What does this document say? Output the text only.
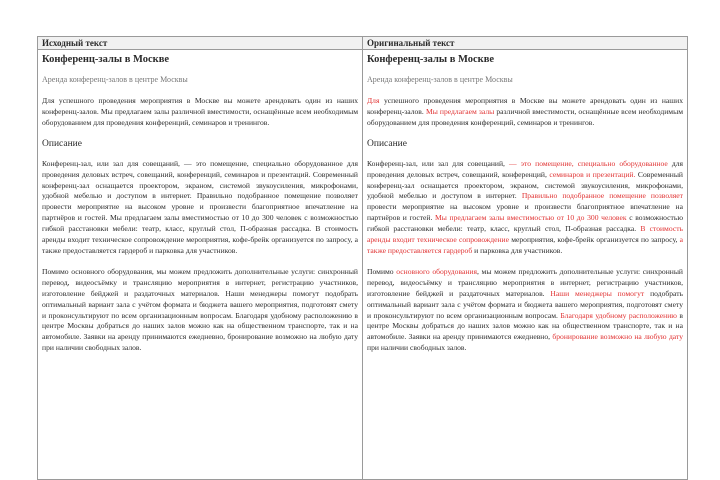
Исходный текст
Конференц-залы в Москве
Аренда конференц-залов в центре Москвы

Для успешного проведения мероприятия в Москве вы можете арендовать один из наших конференц-залов. Мы предлагаем залы различной вместимости, оснащённые всем необходимым оборудованием для проведения конференций, семинаров и тренингов.

Описание

Конференц-зал, или зал для совещаний, — это помещение, специально оборудованное для проведения деловых встреч, совещаний, конференций, семинаров и презентаций. Современный конференц-зал оснащается проектором, экраном, системой звукоусиления, микрофонами, удобной мебелью и доступом в интернет. Правильно подобранное помещение позволяет провести мероприятие на высоком уровне и произвести благоприятное впечатление на партнёров и гостей. Мы предлагаем залы вместимостью от 10 до 300 человек с возможностью гибкой расстановки мебели: театр, класс, круглый стол, П-образная рассадка. В стоимость аренды входит техническое сопровождение мероприятия, кофе-брейк организуется по запросу, а также предоставляется гардероб и парковка для участников.

Помимо основного оборудования, мы можем предложить дополнительные услуги: синхронный перевод, видеосъёмку и трансляцию мероприятия в интернет, регистрацию участников, изготовление бейджей и раздаточных материалов. Наши менеджеры помогут подобрать оптимальный вариант зала с учётом формата и бюджета вашего мероприятия, подготовят смету и проконсультируют по всем организационным вопросам. Благодаря удобному расположению в центре Москвы добраться до наших залов можно как на общественном транспорте, так и на автомобиле. Заявки на аренду принимаются ежедневно, бронирование возможно на любую дату при наличии свободных залов.

Оригинальный текст
Конференц-залы в Москве
Аренда конференц-залов в центре Москвы

Для успешного проведения мероприятия в Москве вы можете арендовать один из наших конференц-залов. Мы предлагаем залы различной вместимости, оснащённые всем необходимым оборудованием для проведения конференций, семинаров и тренингов.

Описание

Конференц-зал, или зал для совещаний, — это помещение, специально оборудованное для проведения деловых встреч, совещаний, конференций, семинаров и презентаций. Современный конференц-зал оснащается проектором, экраном, системой звукоусиления, микрофонами, удобной мебелью и доступом в интернет. Правильно подобранное помещение позволяет провести мероприятие на высоком уровне и произвести благоприятное впечатление на партнёров и гостей. Мы предлагаем залы вместимостью от 10 до 300 человек с возможностью гибкой расстановки мебели: театр, класс, круглый стол, П-образная рассадка. В стоимость аренды входит техническое сопровождение мероприятия, кофе-брейк организуется по запросу, а также предоставляется гардероб и парковка для участников.

Помимо основного оборудования, мы можем предложить дополнительные услуги: синхронный перевод, видеосъёмку и трансляцию мероприятия в интернет, регистрацию участников, изготовление бейджей и раздаточных материалов. Наши менеджеры помогут подобрать оптимальный вариант зала с учётом формата и бюджета вашего мероприятия, подготовят смету и проконсультируют по всем организационным вопросам. Благодаря удобному расположению в центре Москвы добраться до наших залов можно как на общественном транспорте, так и на автомобиле. Заявки на аренду принимаются ежедневно, бронирование возможно на любую дату при наличии свободных залов.
